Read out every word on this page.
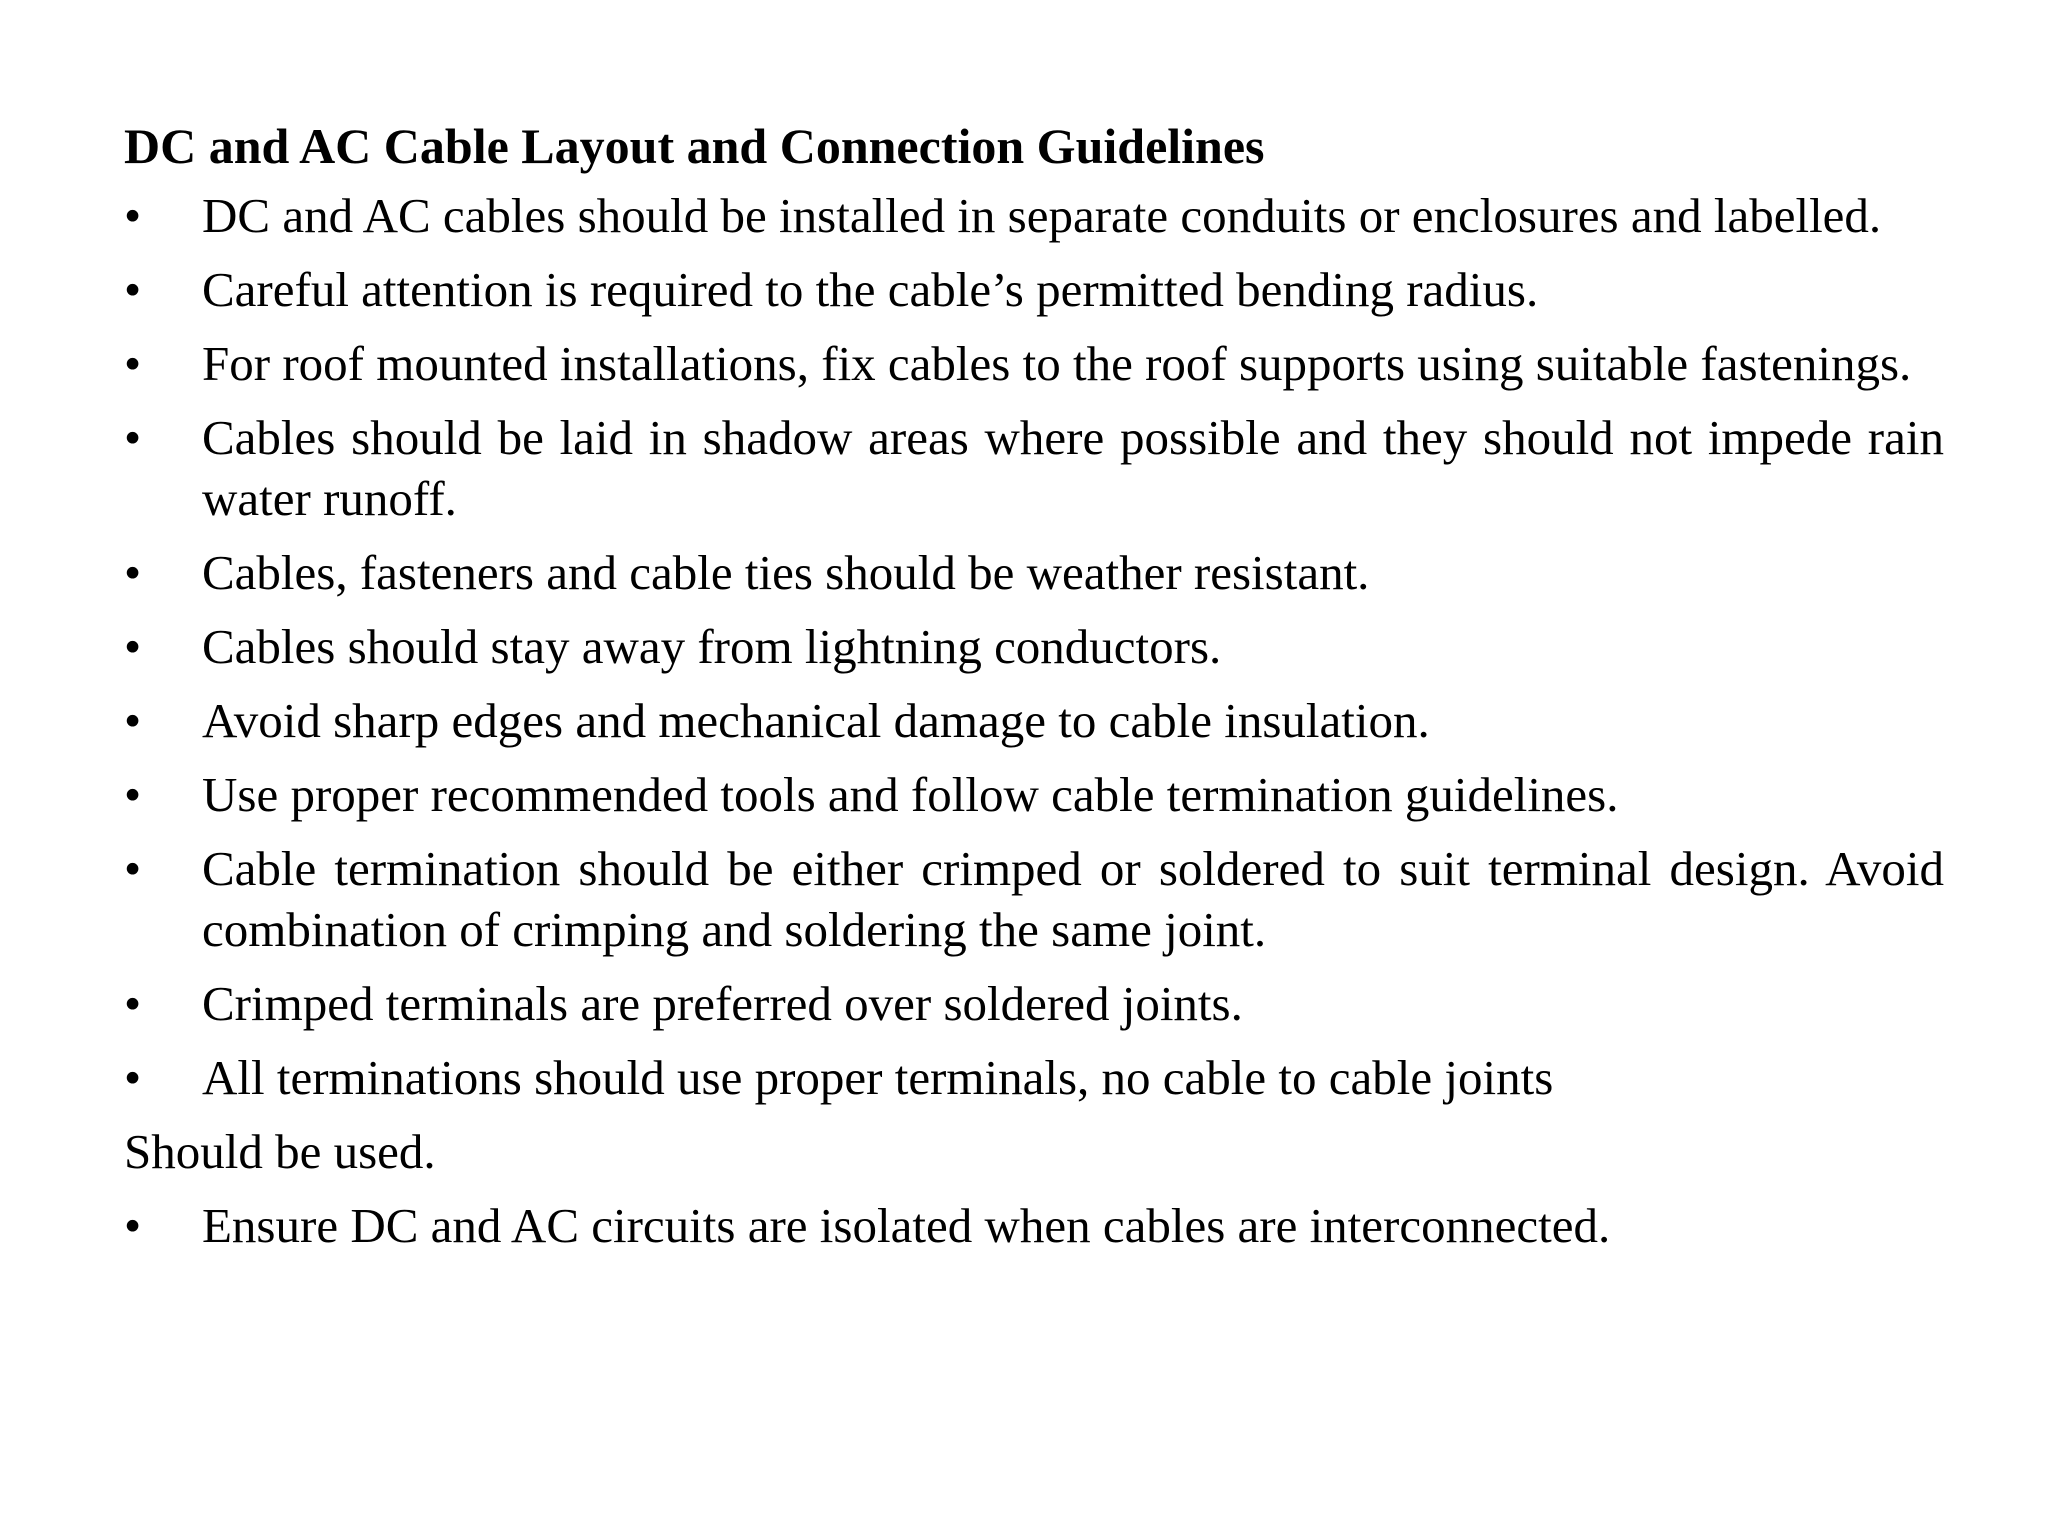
DC and AC Cable Layout and Connection Guidelines
• DC and AC cables should be installed in separate conduits or enclosures and labelled.
• Careful attention is required to the cable’s permitted bending radius.
• For roof mounted installations, fix cables to the roof supports using suitable fastenings.
• Cables should be laid in shadow areas where possible and they should not impede rain water runoff.
• Cables, fasteners and cable ties should be weather resistant.
• Cables should stay away from lightning conductors.
• Avoid sharp edges and mechanical damage to cable insulation.
• Use proper recommended tools and follow cable termination guidelines.
• Cable termination should be either crimped or soldered to suit terminal design. Avoid combination of crimping and soldering the same joint.
• Crimped terminals are preferred over soldered joints.
• All terminations should use proper terminals, no cable to cable joints
Should be used.
• Ensure DC and AC circuits are isolated when cables are interconnected.
